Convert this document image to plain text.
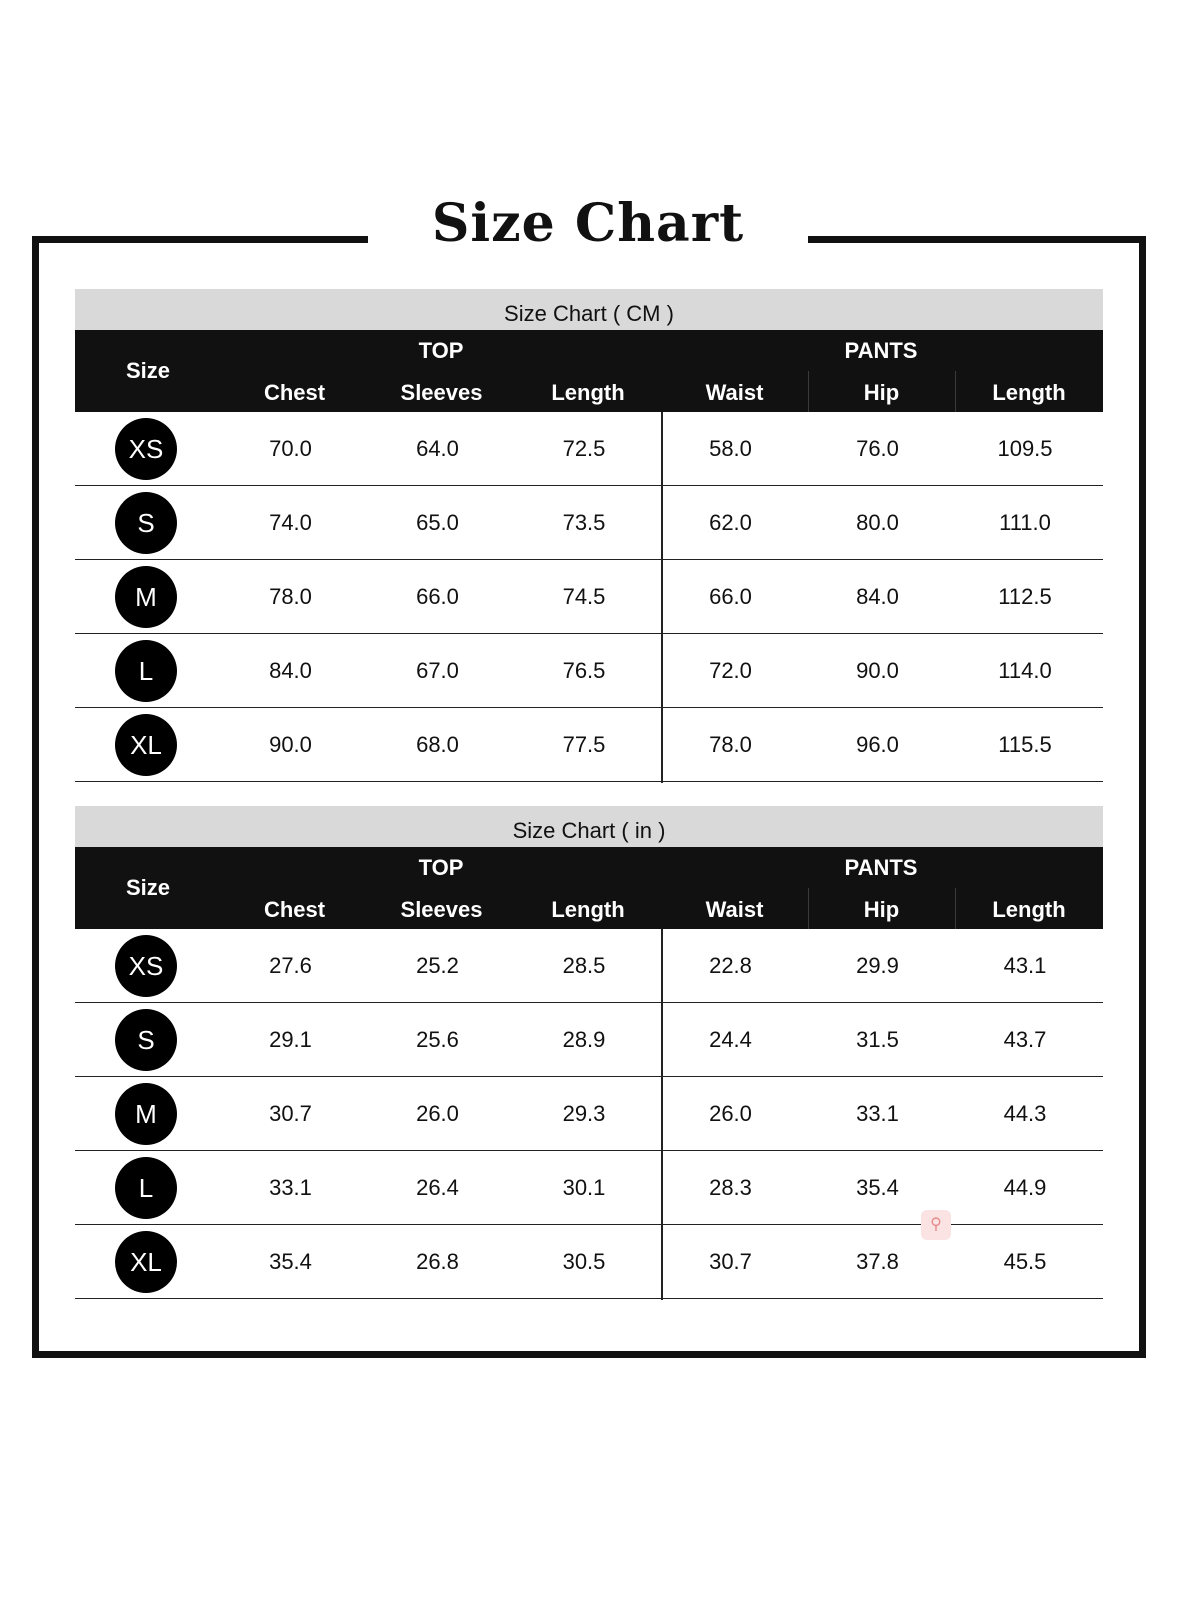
Size Chart
Size Chart ( CM )
Size
TOP	PANTS
Chest	Sleeves	Length	Waist	Hip	Length
XS	70.0	64.0	72.5	58.0	76.0	109.5
S	74.0	65.0	73.5	62.0	80.0	111.0
M	78.0	66.0	74.5	66.0	84.0	112.5
L	84.0	67.0	76.5	72.0	90.0	114.0
XL	90.0	68.0	77.5	78.0	96.0	115.5
Size Chart ( in )
Size
TOP	PANTS
Chest	Sleeves	Length	Waist	Hip	Length
XS	27.6	25.2	28.5	22.8	29.9	43.1
S	29.1	25.6	28.9	24.4	31.5	43.7
M	30.7	26.0	29.3	26.0	33.1	44.3
L	33.1	26.4	30.1	28.3	35.4	44.9
XL	35.4	26.8	30.5	30.7	37.8	45.5
⚲
